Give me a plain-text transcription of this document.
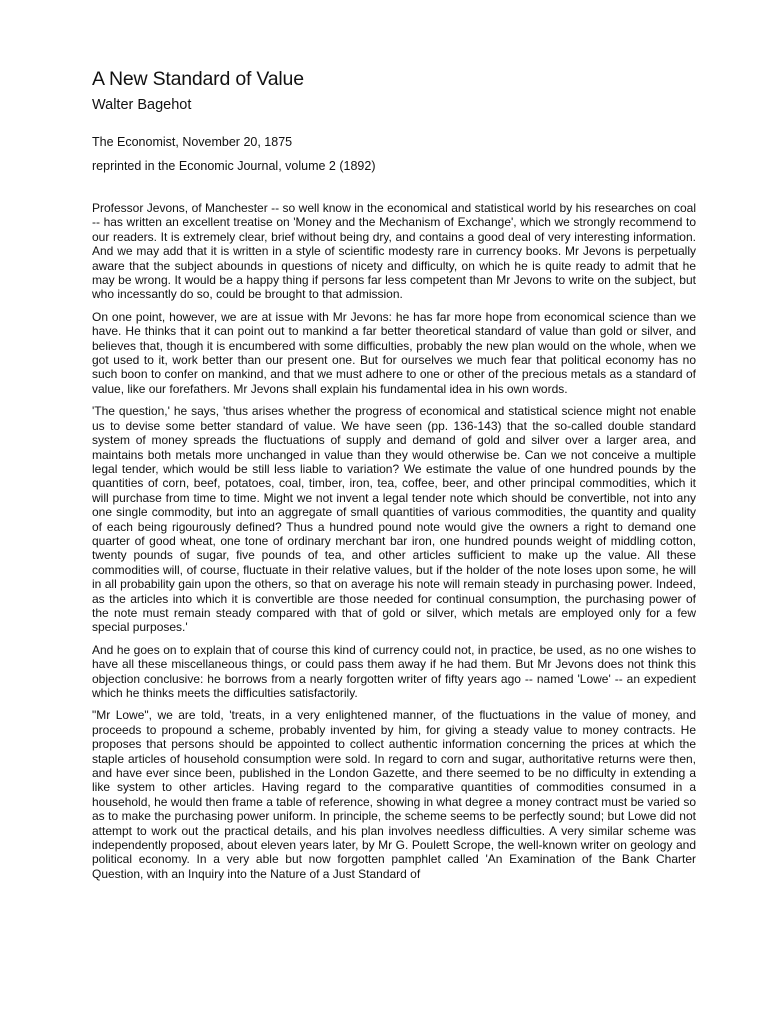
A New Standard of Value
Walter Bagehot

The Economist, November 20, 1875

reprinted in the Economic Journal, volume 2 (1892)

Professor Jevons, of Manchester -- so well know in the economical and statistical world by his researches on coal -- has written an excellent treatise on 'Money and the Mechanism of Exchange', which we strongly recommend to our readers. It is extremely clear, brief without being dry, and contains a good deal of very interesting information. And we may add that it is written in a style of scientific modesty rare in currency books. Mr Jevons is perpetually aware that the subject abounds in questions of nicety and difficulty, on which he is quite ready to admit that he may be wrong. It would be a happy thing if persons far less competent than Mr Jevons to write on the subject, but who incessantly do so, could be brought to that admission.

On one point, however, we are at issue with Mr Jevons: he has far more hope from economical science than we have. He thinks that it can point out to mankind a far better theoretical standard of value than gold or silver, and believes that, though it is encumbered with some difficulties, probably the new plan would on the whole, when we got used to it, work better than our present one. But for ourselves we much fear that political economy has no such boon to confer on mankind, and that we must adhere to one or other of the precious metals as a standard of value, like our forefathers. Mr Jevons shall explain his fundamental idea in his own words.

'The question,' he says, 'thus arises whether the progress of economical and statistical science might not enable us to devise some better standard of value. We have seen (pp. 136-143) that the so-called double standard system of money spreads the fluctuations of supply and demand of gold and silver over a larger area, and maintains both metals more unchanged in value than they would otherwise be. Can we not conceive a multiple legal tender, which would be still less liable to variation? We estimate the value of one hundred pounds by the quantities of corn, beef, potatoes, coal, timber, iron, tea, coffee, beer, and other principal commodities, which it will purchase from time to time. Might we not invent a legal tender note which should be convertible, not into any one single commodity, but into an aggregate of small quantities of various commodities, the quantity and quality of each being rigourously defined? Thus a hundred pound note would give the owners a right to demand one quarter of good wheat, one tone of ordinary merchant bar iron, one hundred pounds weight of middling cotton, twenty pounds of sugar, five pounds of tea, and other articles sufficient to make up the value. All these commodities will, of course, fluctuate in their relative values, but if the holder of the note loses upon some, he will in all probability gain upon the others, so that on average his note will remain steady in purchasing power. Indeed, as the articles into which it is convertible are those needed for continual consumption, the purchasing power of the note must remain steady compared with that of gold or silver, which metals are employed only for a few special purposes.'

And he goes on to explain that of course this kind of currency could not, in practice, be used, as no one wishes to have all these miscellaneous things, or could pass them away if he had them. But Mr Jevons does not think this objection conclusive: he borrows from a nearly forgotten writer of fifty years ago -- named 'Lowe' -- an expedient which he thinks meets the difficulties satisfactorily.

"Mr Lowe", we are told, 'treats, in a very enlightened manner, of the fluctuations in the value of money, and proceeds to propound a scheme, probably invented by him, for giving a steady value to money contracts. He proposes that persons should be appointed to collect authentic information concerning the prices at which the staple articles of household consumption were sold. In regard to corn and sugar, authoritative returns were then, and have ever since been, published in the London Gazette, and there seemed to be no difficulty in extending a like system to other articles. Having regard to the comparative quantities of commodities consumed in a household, he would then frame a table of reference, showing in what degree a money contract must be varied so as to make the purchasing power uniform. In principle, the scheme seems to be perfectly sound; but Lowe did not attempt to work out the practical details, and his plan involves needless difficulties. A very similar scheme was independently proposed, about eleven years later, by Mr G. Poulett Scrope, the well-known writer on geology and political economy. In a very able but now forgotten pamphlet called 'An Examination of the Bank Charter Question, with an Inquiry into the Nature of a Just Standard of
